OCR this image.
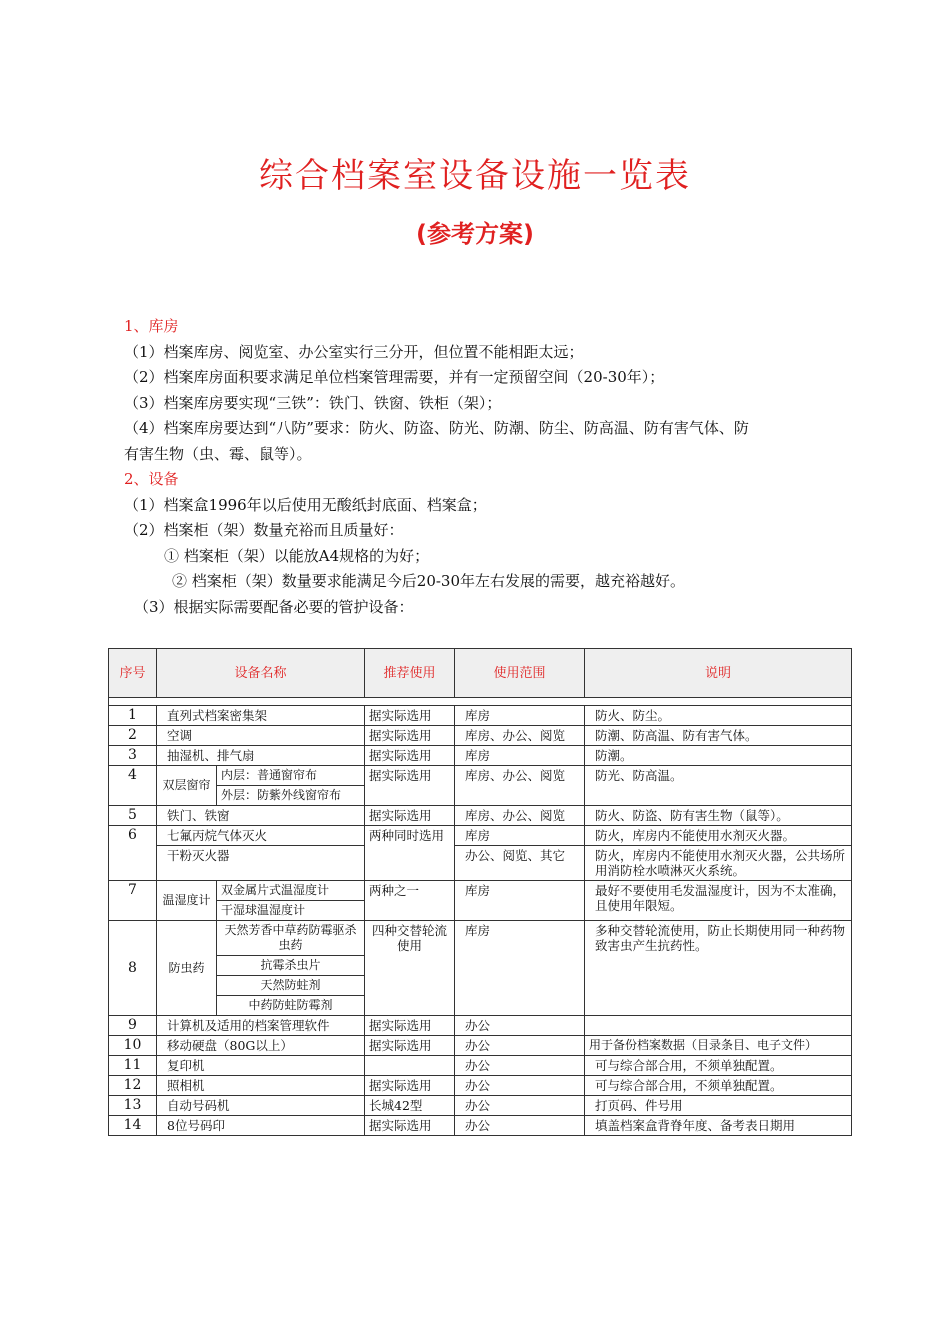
综合档案室设备设施一览表
(参考方案)
1、库房
（1）档案库房、阅览室、办公室实行三分开，但位置不能相距太远；
（2）档案库房面积要求满足单位档案管理需要，并有一定预留空间（20-30年）；
（3）档案库房要实现“三铁”：铁门、铁窗、铁柜（架）；
（4）档案库房要达到“八防”要求：防火、防盗、防光、防潮、防尘、防高温、防有害气体、防
有害生物（虫、霉、鼠等）。
2、设备
（1）档案盒1996年以后使用无酸纸封底面、档案盒；
（2）档案柜（架）数量充裕而且质量好：
① 档案柜（架）以能放A4规格的为好；
② 档案柜（架）数量要求能满足今后20-30年左右发展的需要，越充裕越好。
（3）根据实际需要配备必要的管护设备：
序号	设备名称		推荐使用	使用范围	说明

1	直列式档案密集架		据实际选用	库房	防火、防尘。
2	空调		据实际选用	库房、办公、阅览	防潮、防高温、防有害气体。
3	抽湿机、排气扇		据实际选用	库房	防潮。
4	双层窗帘	内层：普通窗帘布	据实际选用	库房、办公、阅览	防光、防高温。
		外层：防紫外线窗帘布			
5	铁门、铁窗		据实际选用	库房、办公、阅览	防火、防盗、防有害生物（鼠等）。
6	七氟丙烷气体灭火		两种同时选用	库房	防火，库房内不能使用水剂灭火器。
	干粉灭火器			办公、阅览、其它	防火，库房内不能使用水剂灭火器，公共场所用消防栓水喷淋灭火系统。
7	温湿度计	双金属片式温湿度计	两种之一	库房	最好不要使用毛发温湿度计，因为不太准确，且使用年限短。
		干湿球温湿度计			
8	防虫药	天然芳香中草药防霉驱杀虫药	四种交替轮流使用	库房	多种交替轮流使用，防止长期使用同一种药物致害虫产生抗药性。
		抗霉杀虫片			
		天然防蛀剂			
		中药防蛀防霉剂			
9	计算机及适用的档案管理软件		据实际选用	办公	
10	移动硬盘（80G以上）		据实际选用	办公	用于备份档案数据（目录条目、电子文件）
11	复印机			办公	可与综合部合用，不须单独配置。
12	照相机		据实际选用	办公	可与综合部合用，不须单独配置。
13	自动号码机		长城42型	办公	打页码、件号用
14	8位号码印		据实际选用	办公	填盖档案盒背脊年度、备考表日期用
